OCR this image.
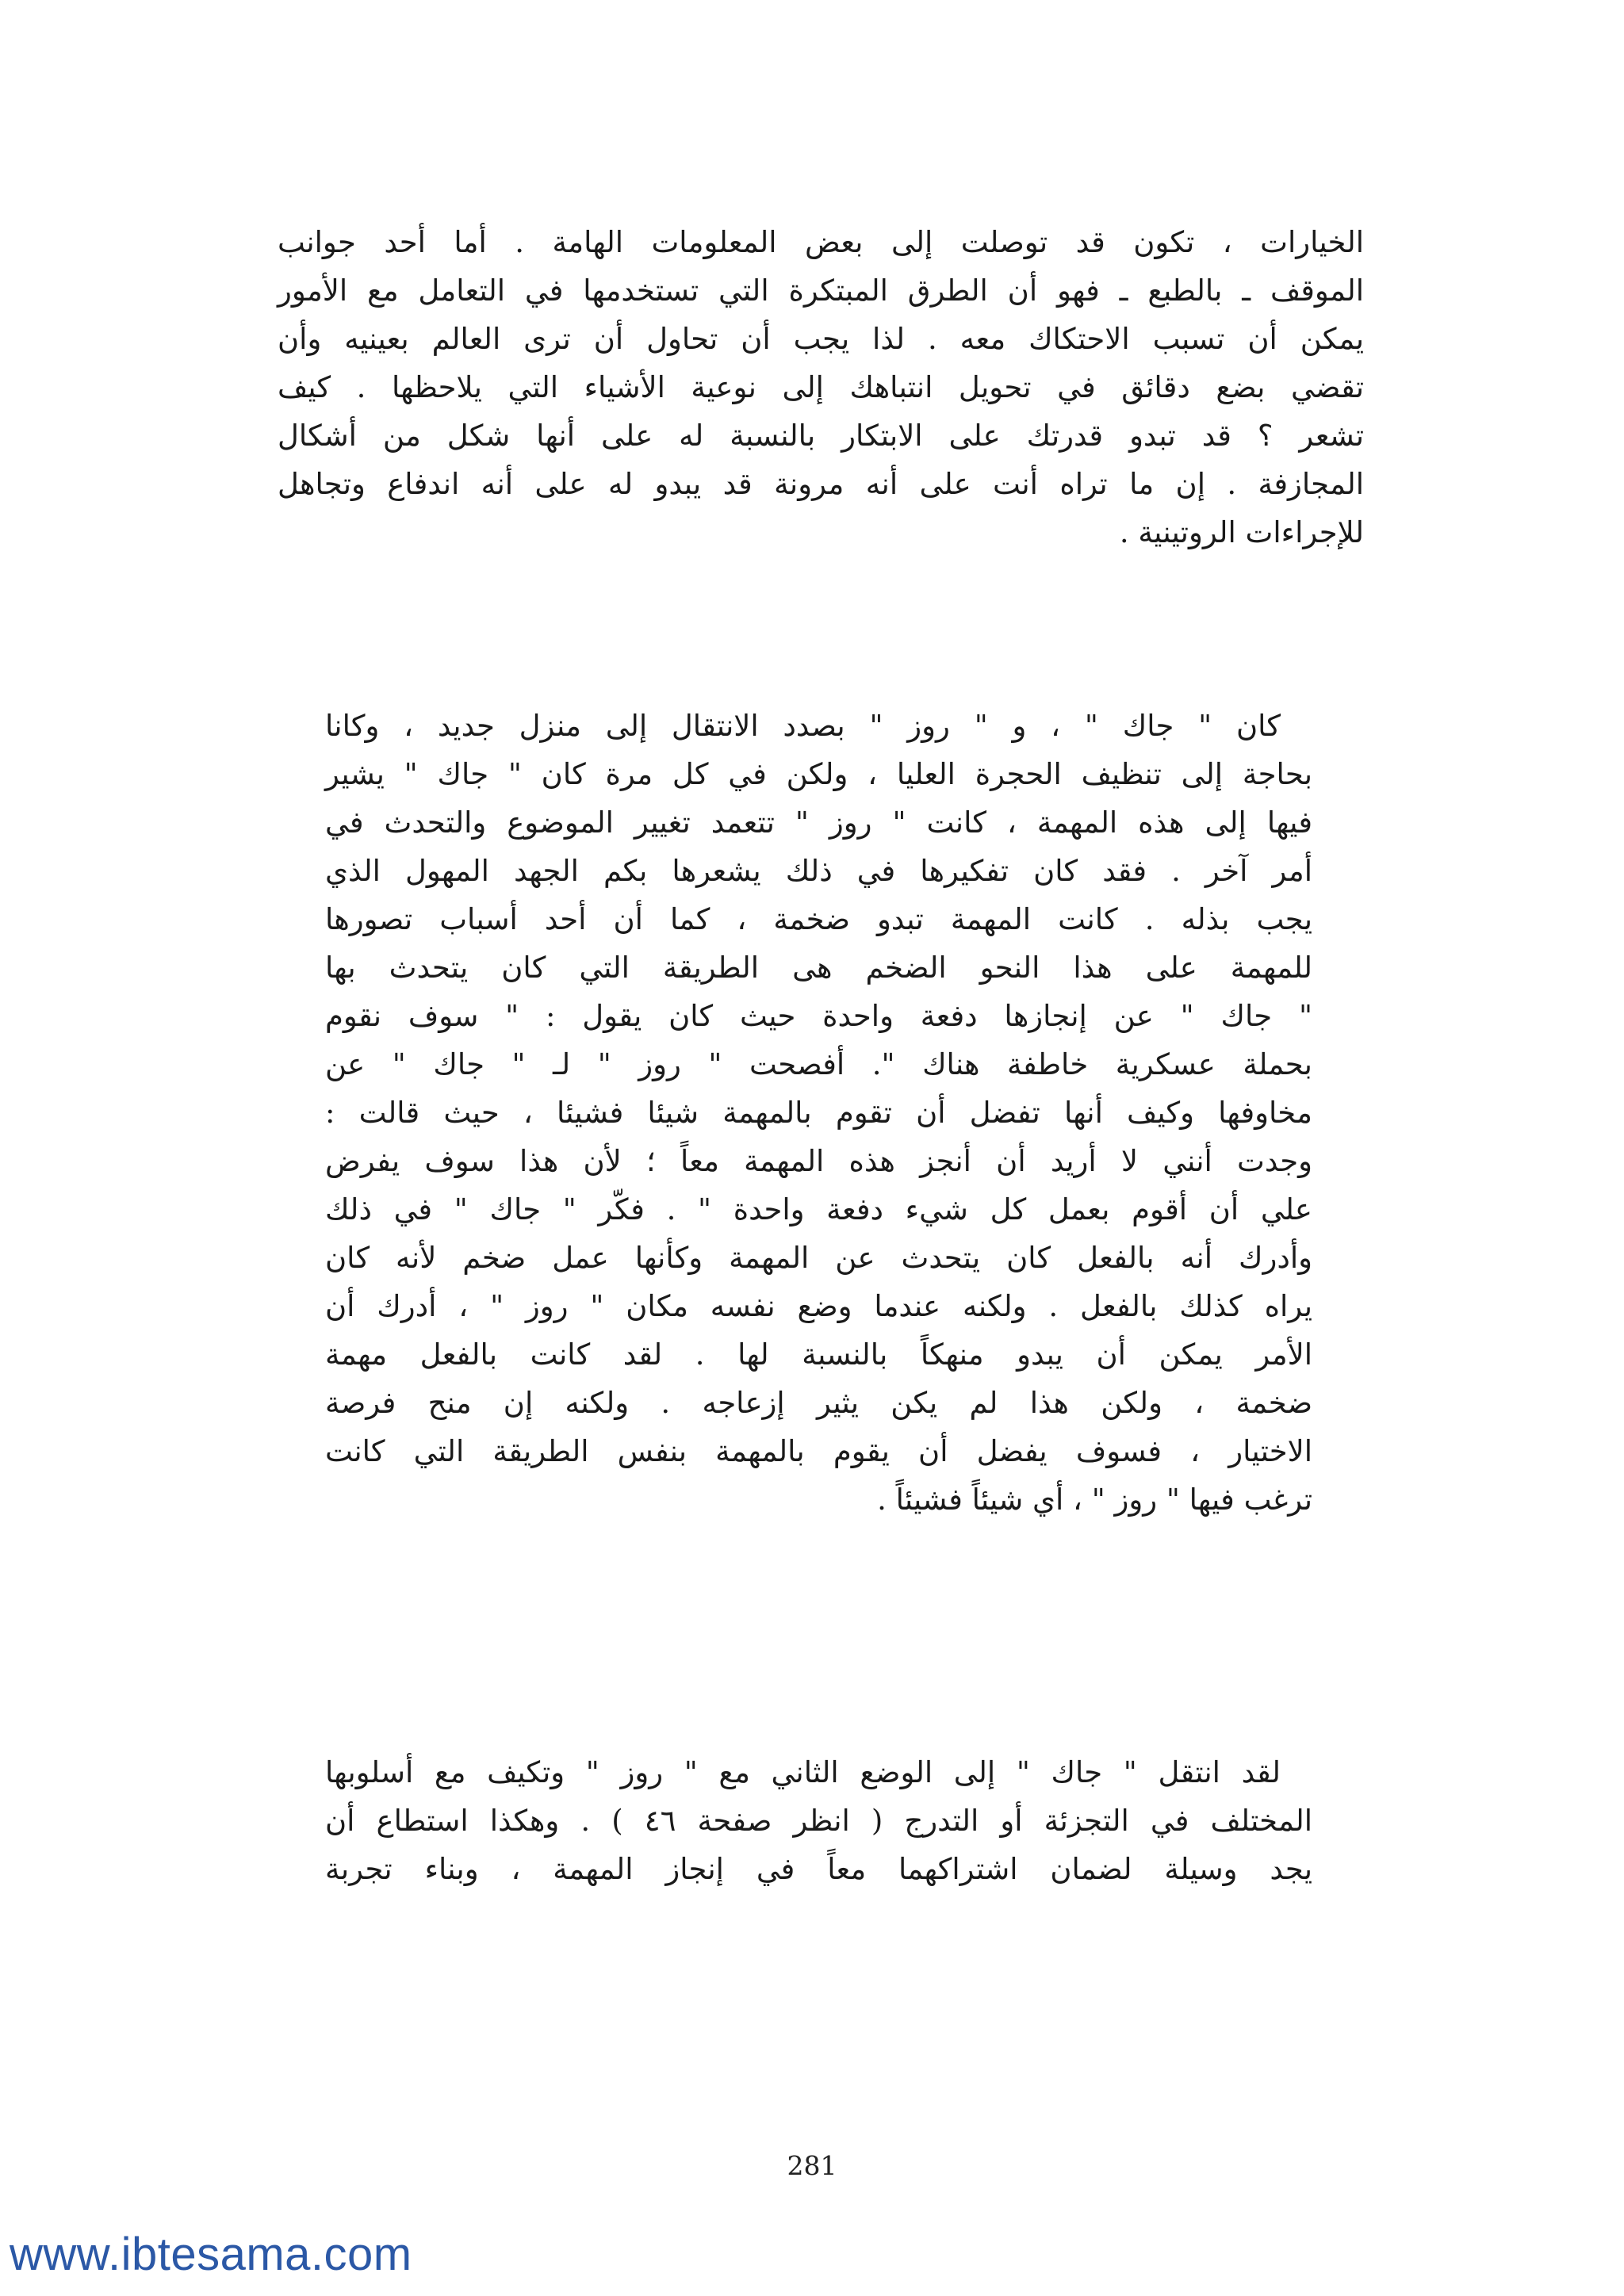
الخيارات ، تكون قد توصلت إلى بعض المعلومات الهامة . أما أحد جوانب
الموقف ـ بالطبع ـ فهو أن الطرق المبتكرة التي تستخدمها في التعامل مع الأمور
يمكن أن تسبب الاحتكاك معه . لذا يجب أن تحاول أن ترى العالم بعينيه وأن
تقضي بضع دقائق في تحويل انتباهك إلى نوعية الأشياء التي يلاحظها . كيف
تشعر ؟ قد تبدو قدرتك على الابتكار بالنسبة له على أنها شكل من أشكال
المجازفة . إن ما تراه أنت على أنه مرونة قد يبدو له على أنه اندفاع وتجاهل
للإجراءات الروتينية .
كان " جاك " ، و " روز " بصدد الانتقال إلى منزل جديد ، وكانا
بحاجة إلى تنظيف الحجرة العليا ، ولكن في كل مرة كان " جاك " يشير
فيها إلى هذه المهمة ، كانت " روز " تتعمد تغيير الموضوع والتحدث في
أمر آخر . فقد كان تفكيرها في ذلك يشعرها بكم الجهد المهول الذي
يجب بذله . كانت المهمة تبدو ضخمة ، كما أن أحد أسباب تصورها
للمهمة على هذا النحو الضخم هى الطريقة التي كان يتحدث بها
" جاك " عن إنجازها دفعة واحدة حيث كان يقول : " سوف نقوم
بحملة عسكرية خاطفة هناك ". أفصحت " روز " لـ " جاك " عن
مخاوفها وكيف أنها تفضل أن تقوم بالمهمة شيئا فشيئا ، حيث قالت :
وجدت أنني لا أريد أن أنجز هذه المهمة معاً ؛ لأن هذا سوف يفرض
علي أن أقوم بعمل كل شيء دفعة واحدة " . فكّر " جاك " في ذلك
وأدرك أنه بالفعل كان يتحدث عن المهمة وكأنها عمل ضخم لأنه كان
يراه كذلك بالفعل . ولكنه عندما وضع نفسه مكان " روز " ، أدرك أن
الأمر يمكن أن يبدو منهكاً بالنسبة لها . لقد كانت بالفعل مهمة
ضخمة ، ولكن هذا لم يكن يثير إزعاجه . ولكنه إن منح فرصة
الاختيار ، فسوف يفضل أن يقوم بالمهمة بنفس الطريقة التي كانت
ترغب فيها " روز " ، أي شيئاً فشيئاً .
لقد انتقل " جاك " إلى الوضع الثاني مع " روز " وتكيف مع أسلوبها
المختلف في التجزئة أو التدرج ( انظر صفحة ٤٦ ) . وهكذا استطاع أن
يجد وسيلة لضمان اشتراكهما معاً في إنجاز المهمة ، وبناء تجربة
281
www.ibtesama.com
